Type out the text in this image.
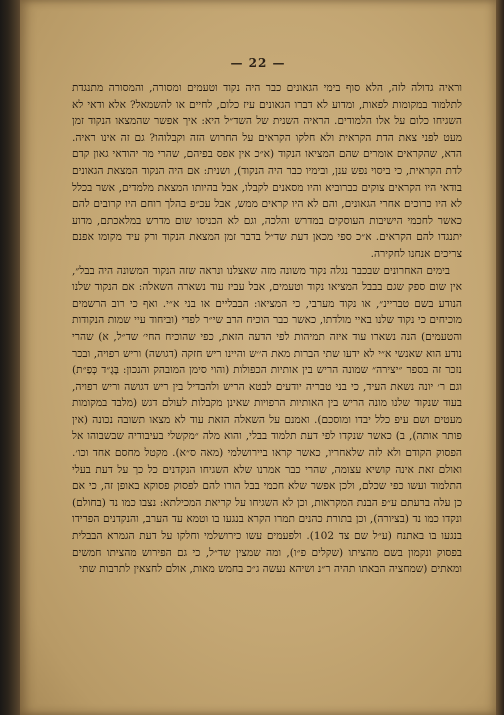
— 22 —

וראיה גדולה לזה, הלא סוף בימי הגאונים כבר היה נקוד וטעמים ומסורה, והמסורה מתנגדת לתלמוד במקומות לפאות, ומדוע לא דברו הגאונים עיז כלום, לחיים או להשמאל? אלא ודאי לא השגיחו כלום על אלו הלמודים. הראיה השנית של השד״ל היא: איך אפשר שהמצאו הנקוד זמן מעט לפני צאת הדת הקראית ולא חלקו הקראים על החרוש הזה וקבלוהו? גם זה אינו ראיה. הדא, שהקראים אומרים שהם המציאו הנקוד (א״כ אין אפס בפיהם, שהרי מר יהודאי גאון קדם לדת הקראית, כי ביסוי נפש ענן, ובימיו כבר היה הנקוד), ושנית: אם היה הנקוד המצאת הגאונים בודאי היו הקראים צוקים כברוביא והיו מסאנים לקבלו, אבל בהיותו המצאת מלמדים, אשר בכלל לא היו כרוכים אחרי הגאונים, והם לא היו קראים ממש, אבל עכ״פ בהלך רוחם היו קרובים להם כאשר לחכמי הישיבות העוסקים במדרש והלכה, וגם לא הכניסו שום מדרש במלאכתם, מדוע יתנגדו להם הקראים. א״כ ספי מכאן דעת שד״ל בדבר זמן המצאת הנקוד ורק עיד מקומו אפנם צריכים אנחנו לחקירה.

בימים האחרונים שבכבר נגלה נקוד משונה מזה שאצלנו ונראה שזה הנקוד המשונה היה בבל״, אין שום ספק שגם בבבל המציאו נקוד וטעמים, אבל עביז עוד נשארה השאלה: אם הנקוד שלנו הנודע בשם טבריינ״, או נקוד מערבי, כי המציאו: הבבליים או בני א״י. ואף כי רוב הרשמים מוכיחים כי נקוד שלנו באיי מולדתו, כאשר כבר הוכיח הרב שי״ר לפדי (וביחוד עיי שמות הנקודות והטעמים) הנה נשארו עוד איזה תמיהות לפי הדעה הזאת, כפי שהוכיח החי׳ שד״ל, א) שהרי נודע הוא שאנשי א״י לא ידעו שתי הברות מאת ה׳׳ש והיינו ריש חזקה (דגושה) וריש רפויה, ובכר נזכר זה בספר ״יצירה״ שמונה הריש בין אותיות הכפולות (והוי סימן המובהק והנכון: בָּגָ״ד כְּפַ״ת) וגם ר׳ יונה נשאת העיד, כי בני טבריה יודעים לבטא הריש ולהבדיל בין ריש דגושה וריש רפויה, בעוד שנקוד שלנו מונה הריש בין האותיות הרפויות שאינן מקבלות לעולם דגש (מלבד במקומות מעטים ושם עיפ כלל יבדו ומוסכם). ואמנם על השאלה הזאת עוד לא מצאו תשובה נכונה (אין פותר אותה), ב) כאשר שנקדו לפי דעת תלמוד בבלי, והוא מלה ״מקשלי בעיבודיה שבשבוהו אל הפסוק הקודם ולא לזה שלאחריו, כאשר קראו ביירושלמי (מאה ס״א). מקטל מחסם אחד וכו׳. ואולם זאת אינה קושיא עצומה, שהרי כבר אמרנו שלא השגיחו הנקדנים כל כך על דעת בעלי התלמוד ועשו כפי שכלם, ולכן אפשר שלא חכמי בבל הורו להם לפסוק פסוקא באופן זה, כי אם כן עלה ברעתם ע״פ הבנת המקראות, וכן לא השגיחו על קריאת המכילתא: נצבו כמו נד (בחולם) ונקדו כמו נד (בציורה), וכן בתורת כהנים תמרו הקרא בנגעו בו וטמא עד הערב, והנקדנים הפרידו בנגעו בו באתנח (ע״ל שם צד 102). ולפעמים עשו כירושלמי וחלקו על דעת הגמרא הבבלית בפסוק ונקמון בשם מהציתו (שקלים פ״ו), ומה שמצין שד״ל, כי גם הפירוש מהציתו חמשים ומאתים (שמחציה הבאתו תהיה ר״נ ושיהא נעשה ג״כ בחמש מאות, אולם לחצאין לתרבות שתי
